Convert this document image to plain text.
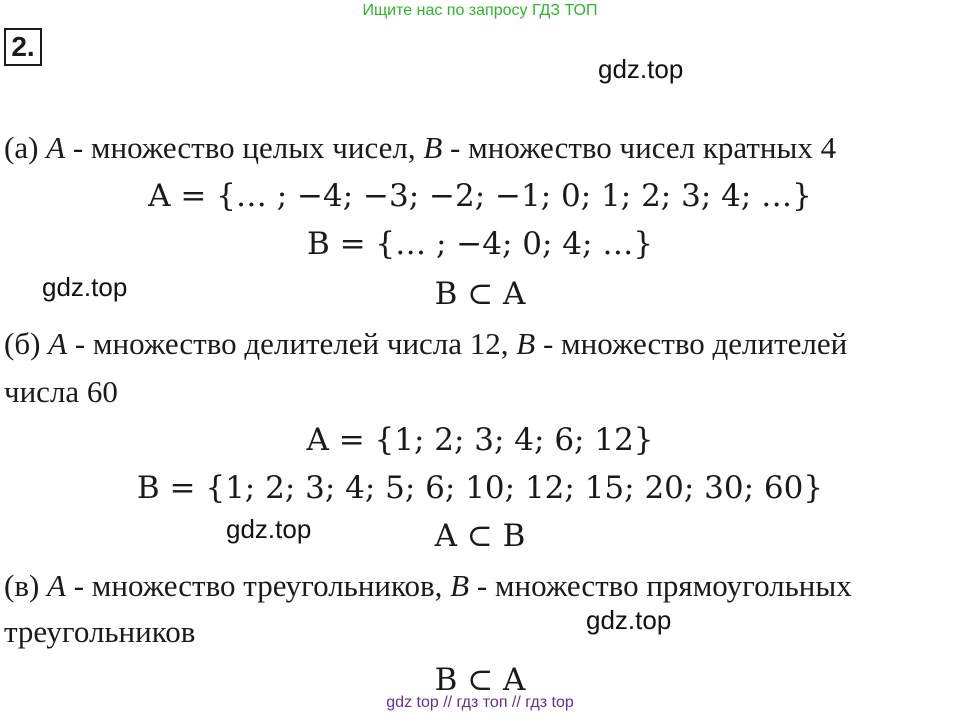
Ищите нас по запросу ГДЗ ТОП
2.
gdz.top
gdz.top
gdz.top
gdz.top
(а) A - множество целых чисел, B - множество чисел кратных 4
A = {… ; −4; −3; −2; −1; 0; 1; 2; 3; 4; …}
B = {… ; −4; 0; 4; …}
B ⊂ A
(б) A - множество делителей числа 12, B - множество делителей
числа 60
A = {1; 2; 3; 4; 6; 12}
B = {1; 2; 3; 4; 5; 6; 10; 12; 15; 20; 30; 60}
A ⊂ B
(в) A - множество треугольников, B - множество прямоугольных
треугольников
B ⊂ A
gdz top // гдз топ // гдз top
